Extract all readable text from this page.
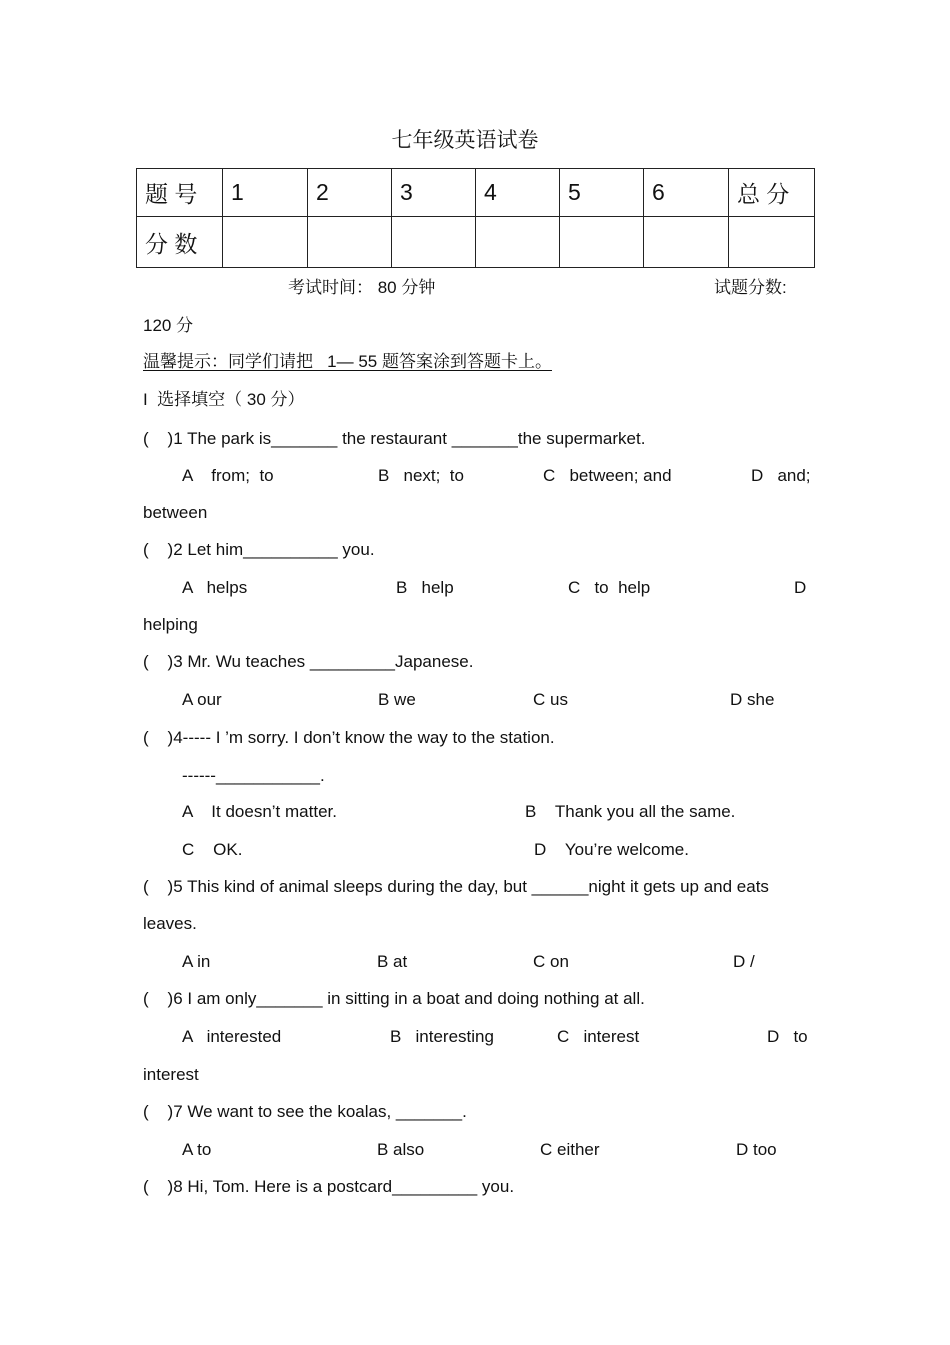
七年级英语试卷
题 号	1	2	3	4	5	6	总 分
分 数							
考试时间： 80 分钟	试题分数:
120 分
温馨提示：同学们请把   1— 55 题答案涂到答题卡上。
I  选择填空（ 30 分）
(    )1 The park is_______ the restaurant _______the supermarket.
A    from;  to	B   next;  to	C   between; and	D   and;
between
(    )2 Let him__________ you.
A   helps	B   help	C   to  help	D
helping
(    )3 Mr. Wu teaches _________Japanese.
A our	B we	C us	D she
(    )4----- I ’m sorry. I don’t know the way to the station.
------___________.
A    It doesn’t matter.	B    Thank you all the same.
C    OK.	D    You’re welcome.
(    )5 This kind of animal sleeps during the day, but ______night it gets up and eats
leaves.
A in	B at	C on	D /
(    )6 I am only_______ in sitting in a boat and doing nothing at all.
A   interested	B   interesting	C   interest	D   to
interest
(    )7 We want to see the koalas, _______.
A to	B also	C either	D too
(    )8 Hi, Tom. Here is a postcard_________ you.
